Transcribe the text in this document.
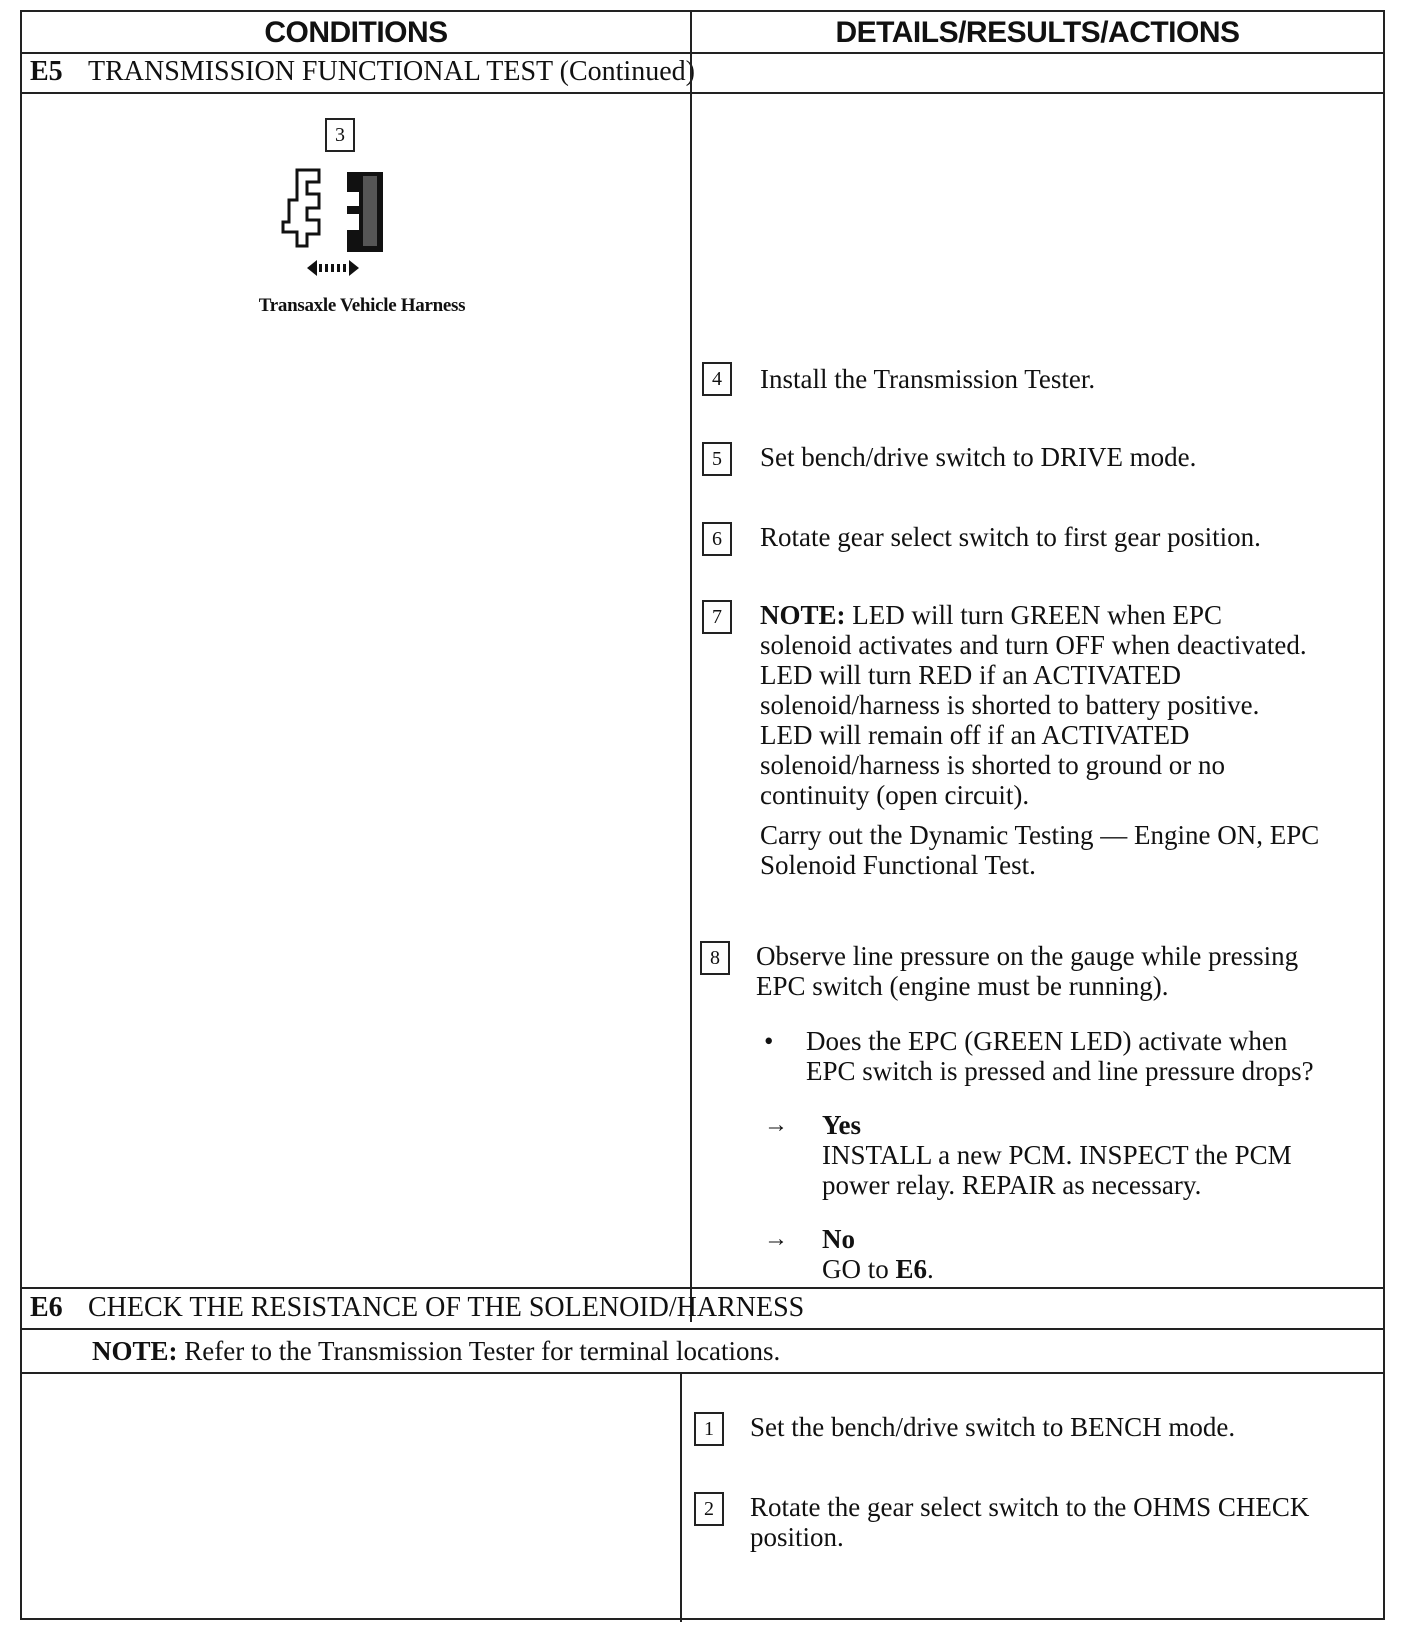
CONDITIONS	DETAILS/RESULTS/ACTIONS
E5 TRANSMISSION FUNCTIONAL TEST (Continued)
3
Transaxle Vehicle Harness
4	Install the Transmission Tester.
5	Set bench/drive switch to DRIVE mode.
6	Rotate gear select switch to first gear position.
7	NOTE: LED will turn GREEN when EPC
solenoid activates and turn OFF when deactivated.
LED will turn RED if an ACTIVATED
solenoid/harness is shorted to battery positive.
LED will remain off if an ACTIVATED
solenoid/harness is shorted to ground or no
continuity (open circuit).
Carry out the Dynamic Testing — Engine ON, EPC
Solenoid Functional Test.
8	Observe line pressure on the gauge while pressing
EPC switch (engine must be running).
• Does the EPC (GREEN LED) activate when
EPC switch is pressed and line pressure drops?
→ Yes
INSTALL a new PCM. INSPECT the PCM
power relay. REPAIR as necessary.
→ No
GO to E6.
E6 CHECK THE RESISTANCE OF THE SOLENOID/HARNESS
NOTE: Refer to the Transmission Tester for terminal locations.
1	Set the bench/drive switch to BENCH mode.
2	Rotate the gear select switch to the OHMS CHECK
position.
